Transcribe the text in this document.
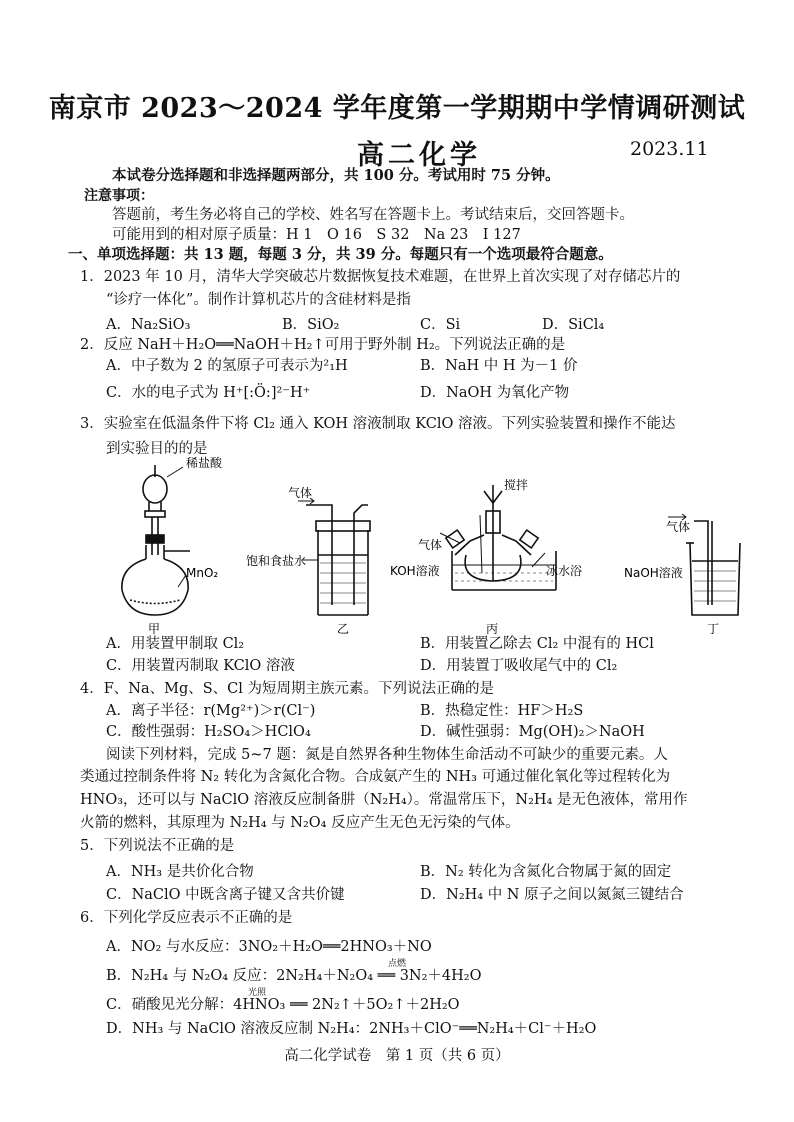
南京市 2023～2024 学年度第一学期期中学情调研测试
高二化学	2023.11
本试卷分选择题和非选择题两部分，共 100 分。考试用时 75 分钟。
注意事项：
答题前，考生务必将自己的学校、姓名写在答题卡上。考试结束后，交回答题卡。
可能用到的相对原子质量：H 1　O 16　S 32　Na 23　I 127
一、单项选择题：共 13 题，每题 3 分，共 39 分。每题只有一个选项最符合题意。
1．2023 年 10 月，清华大学突破芯片数据恢复技术难题，在世界上首次实现了对存储芯片的
“诊疗一体化”。制作计算机芯片的含硅材料是指
A．Na₂SiO₃	B．SiO₂	C．Si	D．SiCl₄
2．反应 NaH＋H₂O══NaOH＋H₂↑可用于野外制 H₂。下列说法正确的是
A．中子数为 2 的氢原子可表示为²₁H	B．NaH 中 H 为－1 价
C．水的电子式为 H⁺[:Ö:]²⁻H⁺	D．NaOH 为氧化产物
3．实验室在低温条件下将 Cl₂ 通入 KOH 溶液制取 KClO 溶液。下列实验装置和操作不能达
到实验目的的是
稀盐酸
MnO₂
甲
气体
饱和食盐水
乙
搅拌
气体
KOH溶液	冰水浴
丙
气体
NaOH溶液
丁
A．用装置甲制取 Cl₂	B．用装置乙除去 Cl₂ 中混有的 HCl
C．用装置丙制取 KClO 溶液	D．用装置丁吸收尾气中的 Cl₂
4．F、Na、Mg、S、Cl 为短周期主族元素。下列说法正确的是
A．离子半径：r(Mg²⁺)＞r(Cl⁻)	B．热稳定性：HF＞H₂S
C．酸性强弱：H₂SO₄＞HClO₄	D．碱性强弱：Mg(OH)₂＞NaOH
阅读下列材料，完成 5~7 题：氮是自然界各种生物体生命活动不可缺少的重要元素。人
类通过控制条件将 N₂ 转化为含氮化合物。合成氨产生的 NH₃ 可通过催化氧化等过程转化为
HNO₃，还可以与 NaClO 溶液反应制备肼（N₂H₄）。常温常压下，N₂H₄ 是无色液体，常用作
火箭的燃料，其原理为 N₂H₄ 与 N₂O₄ 反应产生无色无污染的气体。
5．下列说法不正确的是
A．NH₃ 是共价化合物	B．N₂ 转化为含氮化合物属于氮的固定
C．NaClO 中既含离子键又含共价键	D．N₂H₄ 中 N 原子之间以氮氮三键结合
6．下列化学反应表示不正确的是
A．NO₂ 与水反应：3NO₂＋H₂O══2HNO₃＋NO
B．N₂H₄ 与 N₂O₄ 反应：2N₂H₄＋N₂O₄ ══ 3N₂＋4H₂O
点燃
C．硝酸见光分解：4HNO₃ ══ 2N₂↑＋5O₂↑＋2H₂O
光照
D．NH₃ 与 NaClO 溶液反应制 N₂H₄：2NH₃＋ClO⁻══N₂H₄＋Cl⁻＋H₂O
高二化学试卷　第 1 页（共 6 页）
